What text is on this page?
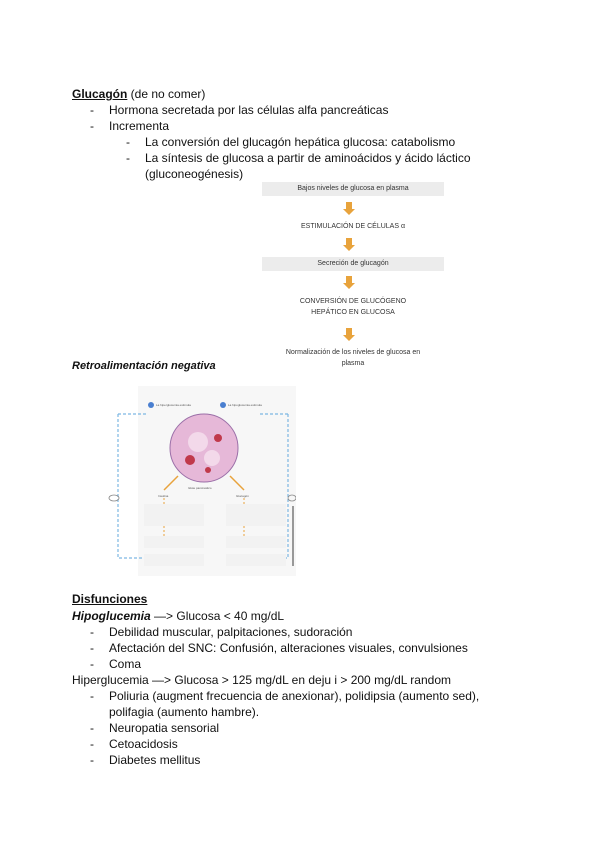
Glucagón (de no comer)
- Hormona secretada por las células alfa pancreáticas
- Incrementa
- La conversión del glucagón hepática glucosa: catabolismo
- La síntesis de glucosa a partir de aminoácidos y ácido láctico
(gluconeogénesis)
Bajos niveles de glucosa en plasma
ESTIMULACIÓN DE CÉLULAS α
Secreción de glucagón
CONVERSIÓN DE GLUCÓGENO
HEPÁTICO EN GLUCOSA
Normalización de los niveles de glucosa en
plasma
Retroalimentación negativa
La hiperglucemia estimula	La hipoglucemia estimula
Islote pancreático
Insulina	Glucagón
Disfunciones
Hipoglucemia —> Glucosa < 40 mg/dL
- Debilidad muscular, palpitaciones, sudoración
- Afectación del SNC: Confusión, alteraciones visuales, convulsiones
- Coma
Hiperglucemia —> Glucosa > 125 mg/dL en deju i > 200 mg/dL random
- Poliuria (augment frecuencia de anexionar), polidipsia (aumento sed),
polifagia (aumento hambre).
- Neuropatia sensorial
- Cetoacidosis
- Diabetes mellitus
